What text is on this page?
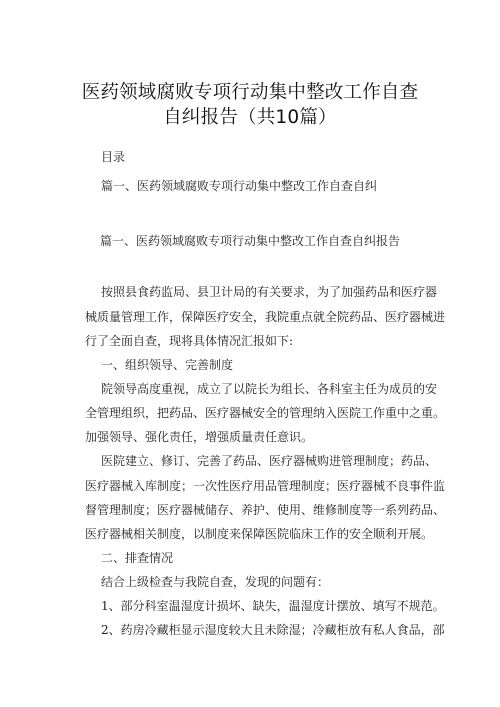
医药领域腐败专项行动集中整改工作自查
自纠报告（共10篇）
目录
篇一、医药领域腐败专项行动集中整改工作自查自纠
篇一、医药领域腐败专项行动集中整改工作自查自纠报告
按照县食药监局、县卫计局的有关要求，为了加强药品和医疗器
械质量管理工作，保障医疗安全，我院重点就全院药品、医疗器械进
行了全面自查，现将具体情况汇报如下:
一、组织领导、完善制度
院领导高度重视，成立了以院长为组长、各科室主任为成员的安
全管理组织，把药品、医疗器械安全的管理纳入医院工作重中之重。
加强领导、强化责任，增强质量责任意识。
医院建立、修订、完善了药品、医疗器械购进管理制度；药品、
医疗器械入库制度；一次性医疗用品管理制度；医疗器械不良事件监
督管理制度；医疗器械储存、养护、使用、维修制度等一系列药品、
医疗器械相关制度，以制度来保障医院临床工作的安全顺利开展。
二、排查情况
结合上级检查与我院自查，发现的问题有：
1、部分科室温湿度计损坏、缺失，温湿度计摆放、填写不规范。
2、药房冷藏柜显示湿度较大且未除湿；冷藏柜放有私人食品，部
